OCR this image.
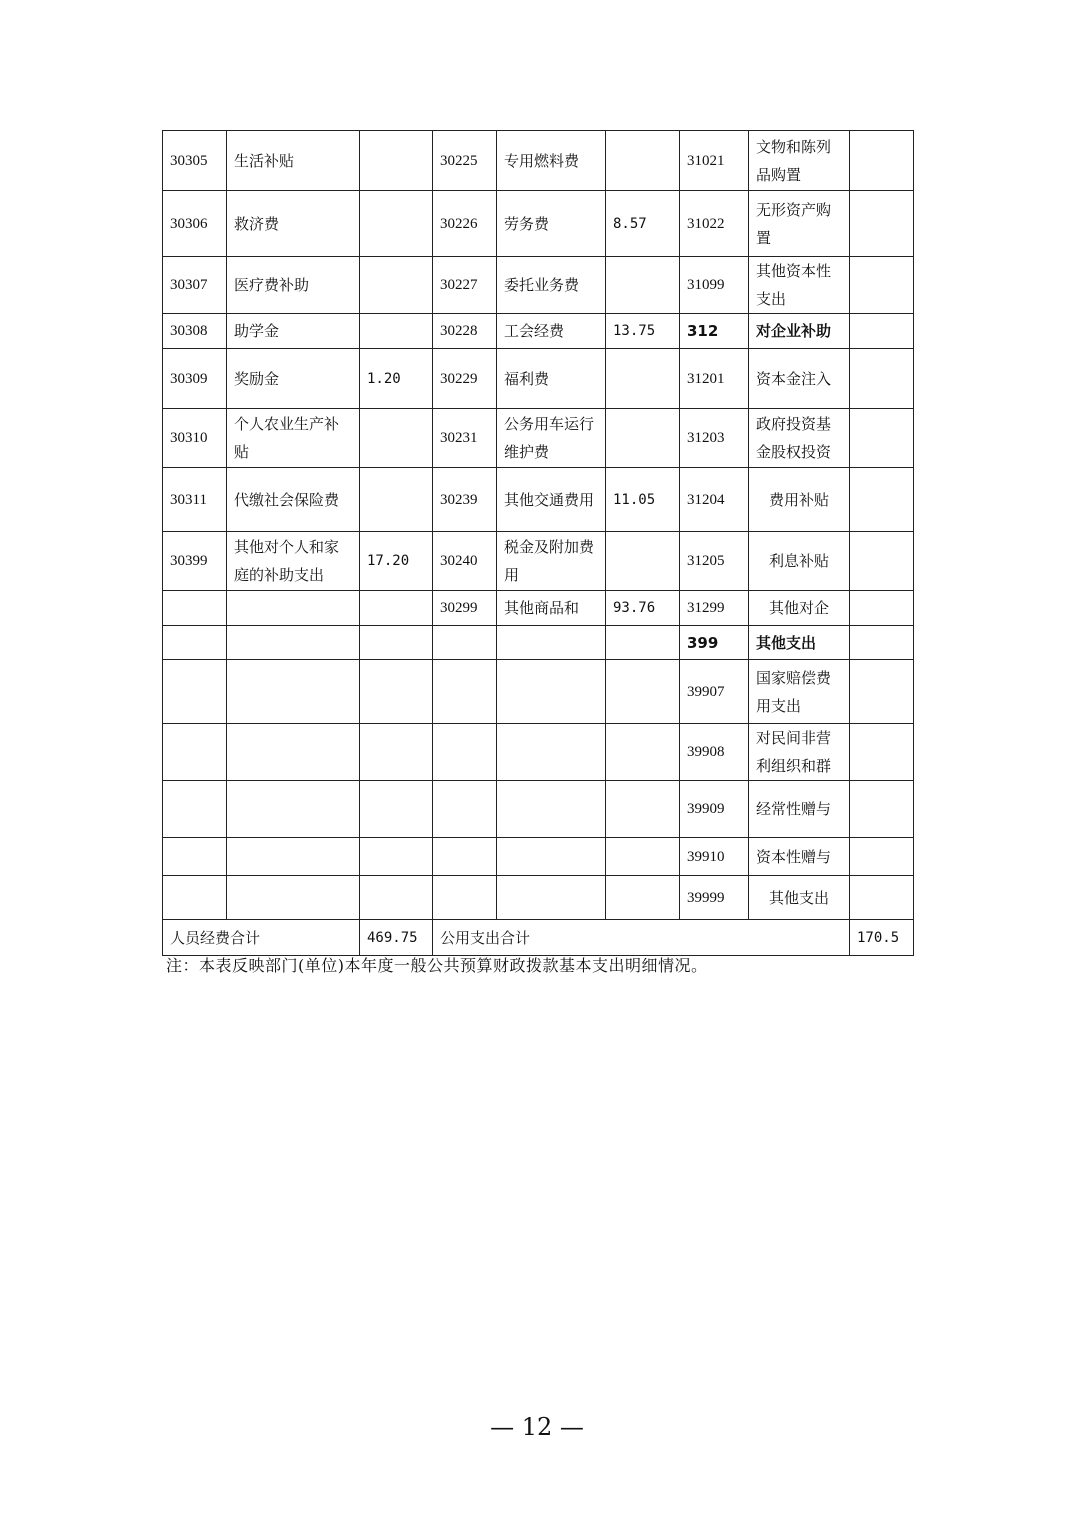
30305	生活补贴		30225	专用燃料费		31021	文物和陈列品购置	
30306	救济费		30226	劳务费	8.57	31022	无形资产购置	
30307	医疗费补助		30227	委托业务费		31099	其他资本性支出	
30308	助学金		30228	工会经费	13.75	312	对企业补助	
30309	奖励金	1.20	30229	福利费		31201	资本金注入	
30310	个人农业生产补贴		30231	公务用车运行维护费		31203	政府投资基金股权投资	
30311	代缴社会保险费		30239	其他交通费用	11.05	31204	费用补贴	
30399	其他对个人和家庭的补助支出	17.20	30240	税金及附加费用		31205	利息补贴	
			30299	其他商品和	93.76	31299	其他对企	
						399	其他支出	
						39907	国家赔偿费用支出	
						39908	对民间非营利组织和群	
						39909	经常性赠与	
						39910	资本性赠与	
						39999	其他支出	
人员经费合计		469.75	公用支出合计					170.5
注：本表反映部门(单位)本年度一般公共预算财政拨款基本支出明细情况。
— 12 —
